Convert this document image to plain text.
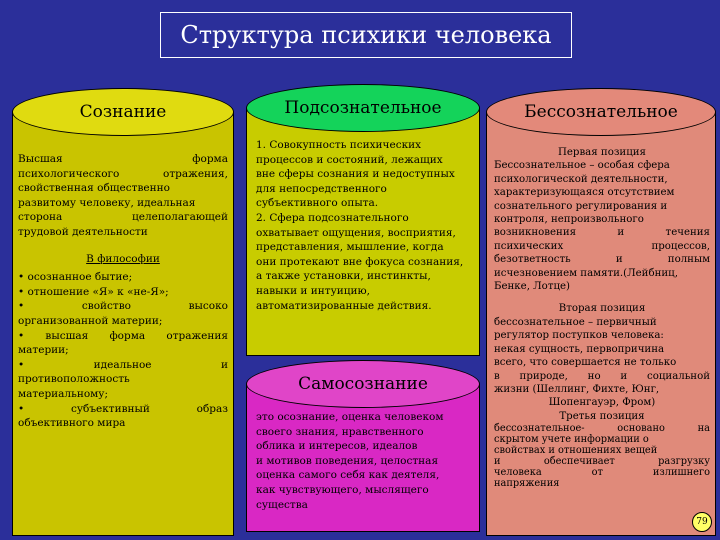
Структура психики человека
Сознание

Высшая форма

психологического отражения,

свойственная общественно

развитому человеку, идеальная

сторона целеполагающей

трудовой деятельности

В философии

• осознанное бытие;

• отношение «Я» к «не-Я»;

• свойство высоко

организованной материи;

• высшая форма отражения

материи;

• идеальное и

противоположность

материальному;

• субъективный образ

объективного мира

Подсознательное

1. Совокупность психических

процессов и состояний, лежащих

вне сферы сознания и недоступных

для непосредственного

субъективного опыта.

2. Сфера подсознательного

охватывает ощущения, восприятия,

представления, мышление, когда

они протекают вне фокуса сознания,

а также установки, инстинкты,

навыки и интуицию,

автоматизированные действия.

Самосознание

это осознание, оценка человеком

своего знания, нравственного

облика и интересов, идеалов

и мотивов поведения, целостная

оценка самого себя как деятеля,

как чувствующего, мыслящего

существа

Бессознательное

Первая позиция

Бессознательное – особая сфера

психологической деятельности,

характеризующаяся отсутствием

сознательного регулирования и

контроля, непроизвольного

возникновения и течения

психических процессов,

безответность и полным

исчезновением памяти.(Лейбниц,

Бенке, Лотце)

Вторая позиция

бессознательное – первичный

регулятор поступков человека:

некая сущность, первопричина

всего, что совершается не только

в природе, но и социальной

жизни (Шеллинг, Фихте, Юнг,

Шопенгауэр, Фром)

Третья позиция

бессознательное- основано на

скрытом учете информации о

свойствах и отношениях вещей

и обеспечивает разгрузку

человека от излишнего

напряжения

79
